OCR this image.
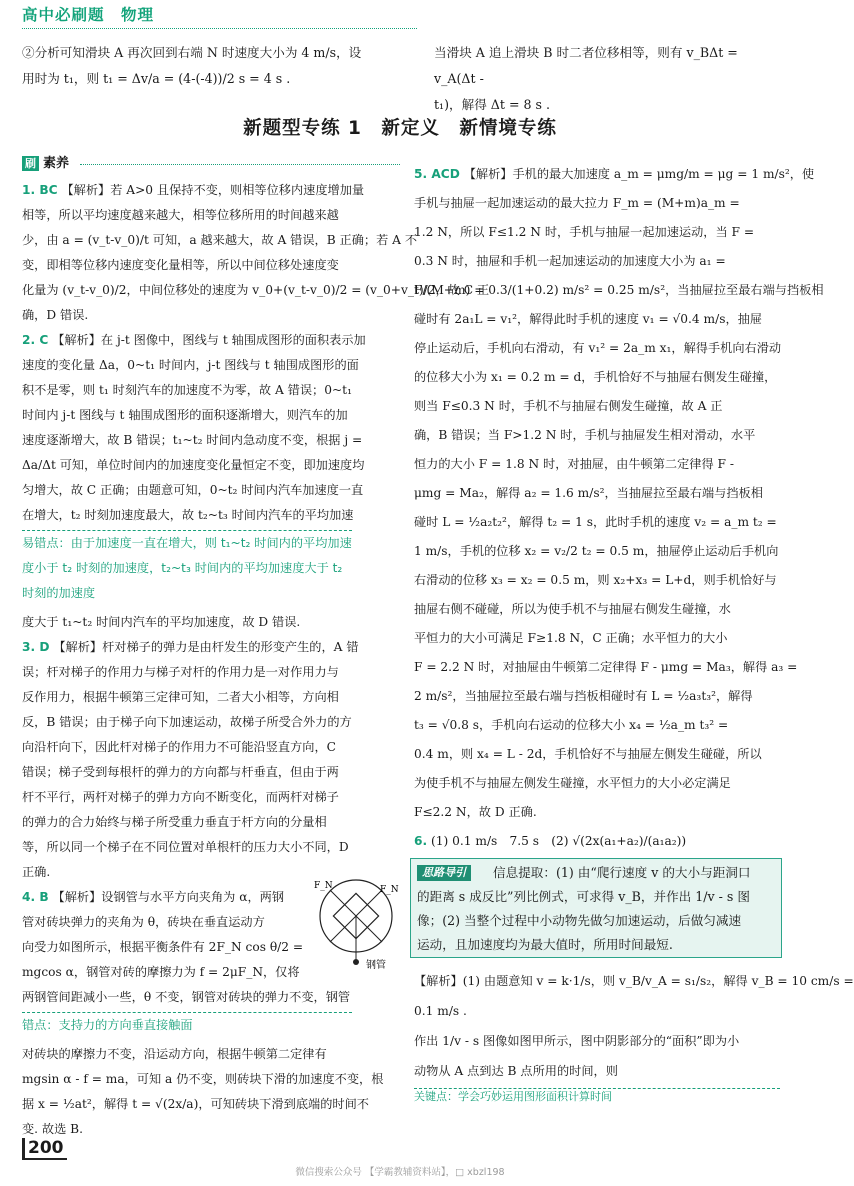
高中必刷题　物理

②分析可知滑块 A 再次回到右端 N 时速度大小为 4 m/s，设

用时为 t₁，则 t₁ = Δv/a = (4-(-4))/2 s = 4 s .

当滑块 A 追上滑块 B 时二者位移相等，则有 v_BΔt = v_A(Δt -

t₁)，解得 Δt = 8 s .

新题型专练 1　新定义　新情境专练
刷 素养

1. BC 【解析】若 A>0 且保持不变，则相等位移内速度增加量

相等，所以平均速度越来越大，相等位移所用的时间越来越

少，由 a = (v_t-v_0)/t 可知，a 越来越大，故 A 错误，B 正确；若 A 不

变，即相等位移内速度变化量相等，所以中间位移处速度变

化量为 (v_t-v_0)/2，中间位移处的速度为 v_0+(v_t-v_0)/2 = (v_0+v_t)/2，故 C 正

确，D 错误.

2. C 【解析】在 j-t 图像中，图线与 t 轴围成图形的面积表示加

速度的变化量 Δa，0~t₁ 时间内，j-t 图线与 t 轴围成图形的面

积不是零，则 t₁ 时刻汽车的加速度不为零，故 A 错误；0~t₁

时间内 j-t 图线与 t 轴围成图形的面积逐渐增大，则汽车的加

速度逐渐增大，故 B 错误；t₁~t₂ 时间内急动度不变，根据 j =

Δa/Δt 可知，单位时间内的加速度变化量恒定不变，即加速度均

匀增大，故 C 正确；由题意可知，0~t₂ 时间内汽车加速度一直

在增大，t₂ 时刻加速度最大，故 t₂~t₃ 时间内汽车的平均加速

易错点：由于加速度一直在增大，则 t₁~t₂ 时间内的平均加速度小于 t₂ 时刻的加速度，t₂~t₃ 时间内的平均加速度大于 t₂ 时刻的加速度

度大于 t₁~t₂ 时间内汽车的平均加速度，故 D 错误.

3. D 【解析】杆对梯子的弹力是由杆发生的形变产生的，A 错

误；杆对梯子的作用力与梯子对杆的作用力是一对作用力与

反作用力，根据牛顿第三定律可知，二者大小相等，方向相

反，B 错误；由于梯子向下加速运动，故梯子所受合外力的方

向沿杆向下，因此杆对梯子的作用力不可能沿竖直方向，C

错误；梯子受到每根杆的弹力的方向都与杆垂直，但由于两

杆不平行，两杆对梯子的弹力方向不断变化，而两杆对梯子

的弹力的合力始终与梯子所受重力垂直于杆方向的分量相

等，所以同一个梯子在不同位置对单根杆的压力大小不同，D

正确.

4. B 【解析】设钢管与水平方向夹角为 α，两钢

管对砖块弹力的夹角为 θ，砖块在垂直运动方

向受力如图所示，根据平衡条件有 2F_N cos θ/2 =

mgcos α，钢管对砖的摩擦力为 f = 2μF_N，仅将

两钢管间距减小一些，θ 不变，钢管对砖块的弹力不变，钢管

错点：支持力的方向垂直接触面

对砖块的摩擦力不变，沿运动方向，根据牛顿第二定律有

mgsin α - f = ma，可知 a 仍不变，则砖块下滑的加速度不变，根

据 x = ½at²，解得 t = √(2x/a)，可知砖块下滑到底端的时间不

变. 故选 B.

F_N	F_N
钢管

5. ACD 【解析】手机的最大加速度 a_m = μmg/m = μg = 1 m/s²，使

手机与抽屉一起加速运动的最大拉力 F_m = (M+m)a_m =

1.2 N，所以 F≤1.2 N 时，手机与抽屉一起加速运动，当 F =

0.3 N 时，抽屉和手机一起加速运动的加速度大小为 a₁ =

F/(M+m) = 0.3/(1+0.2) m/s² = 0.25 m/s²，当抽屉拉至最右端与挡板相

碰时有 2a₁L = v₁²，解得此时手机的速度 v₁ = √0.4 m/s，抽屉

停止运动后，手机向右滑动，有 v₁² = 2a_m x₁，解得手机向右滑动

的位移大小为 x₁ = 0.2 m = d，手机恰好不与抽屉右侧发生碰撞，

则当 F≤0.3 N 时，手机不与抽屉右侧发生碰撞，故 A 正

确，B 错误；当 F>1.2 N 时，手机与抽屉发生相对滑动，水平

恒力的大小 F = 1.8 N 时，对抽屉，由牛顿第二定律得 F -

μmg = Ma₂，解得 a₂ = 1.6 m/s²，当抽屉拉至最右端与挡板相

碰时 L = ½a₂t₂²，解得 t₂ = 1 s，此时手机的速度 v₂ = a_m t₂ =

1 m/s，手机的位移 x₂ = v₂/2 t₂ = 0.5 m，抽屉停止运动后手机向

右滑动的位移 x₃ = x₂ = 0.5 m，则 x₂+x₃ = L+d，则手机恰好与

抽屉右侧不碰碰，所以为使手机不与抽屉右侧发生碰撞，水

平恒力的大小可满足 F≥1.8 N，C 正确；水平恒力的大小

F = 2.2 N 时，对抽屉由牛顿第二定律得 F - μmg = Ma₃，解得 a₃ =

2 m/s²，当抽屉拉至最右端与挡板相碰时有 L = ½a₃t₃²，解得

t₃ = √0.8 s，手机向右运动的位移大小 x₄ = ½a_m t₃² =

0.4 m，则 x₄ = L - 2d，手机恰好不与抽屉左侧发生碰碰，所以

为使手机不与抽屉左侧发生碰撞，水平恒力的大小必定满足

F≤2.2 N，故 D 正确.

6. (1) 0.1 m/s　7.5 s　(2) √(2x(a₁+a₂)/(a₁a₂))

思路导引	信息提取：(1) 由“爬行速度 v 的大小与距洞口

的距离 s 成反比”列比例式，可求得 v_B，并作出 1/v - s 图

像；(2) 当整个过程中小动物先做匀加速运动，后做匀减速

运动，且加速度均为最大值时，所用时间最短.

【解析】(1) 由题意知 v = k·1/s，则 v_B/v_A = s₁/s₂，解得 v_B = 10 cm/s =

0.1 m/s .

作出 1/v - s 图像如图甲所示，图中阴影部分的“面积”即为小

动物从 A 点到达 B 点所用的时间，则

关键点：学会巧妙运用图形面积计算时间

200
微信搜索公众号 【学霸教辅资料站】，□ xbzl198
